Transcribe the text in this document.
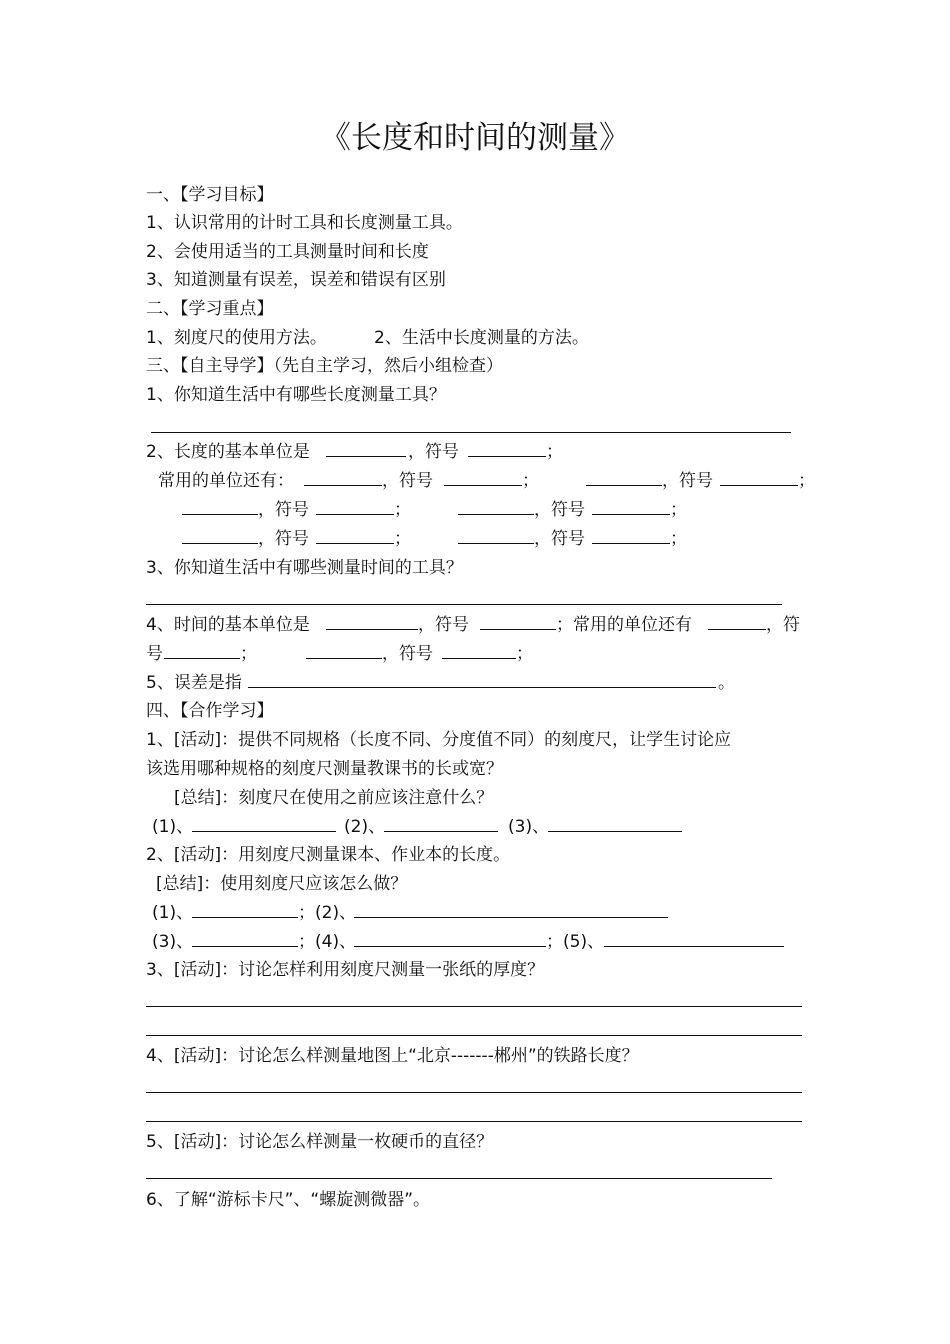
《长度和时间的测量》
一、【学习目标】
1、认识常用的计时工具和长度测量工具。
2、会使用适当的工具测量时间和长度
3、知道测量有误差，误差和错误有区别
二、【学习重点】
1、刻度尺的使用方法。	2、生活中长度测量的方法。
三、【自主导学】（先自主学习，然后小组检查）
1、你知道生活中有哪些长度测量工具？
2、长度的基本单位是	，符号	；
常用的单位还有：	，符号	；	，符号	；
，符号	；	，符号	；
，符号	；	，符号	；
3、你知道生活中有哪些测量时间的工具？
4、时间的基本单位是	，符号	；常用的单位还有	，符
号	；	，符号	；
5、误差是指	。
四、【合作学习】
1、[活动]：提供不同规格（长度不同、分度值不同）的刻度尺，让学生讨论应
该选用哪种规格的刻度尺测量教课书的长或宽？
[总结]：刻度尺在使用之前应该注意什么？
(1)、	(2)、	(3)、
2、[活动]：用刻度尺测量课本、作业本的长度。
[总结]：使用刻度尺应该怎么做？
(1)、	；(2)、
(3)、	；(4)、	；(5)、
3、[活动]：讨论怎样利用刻度尺测量一张纸的厚度？
4、[活动]：讨论怎么样测量地图上“北京-------郴州”的铁路长度？
5、[活动]：讨论怎么样测量一枚硬币的直径？
6、了解“游标卡尺”、“螺旋测微器”。
